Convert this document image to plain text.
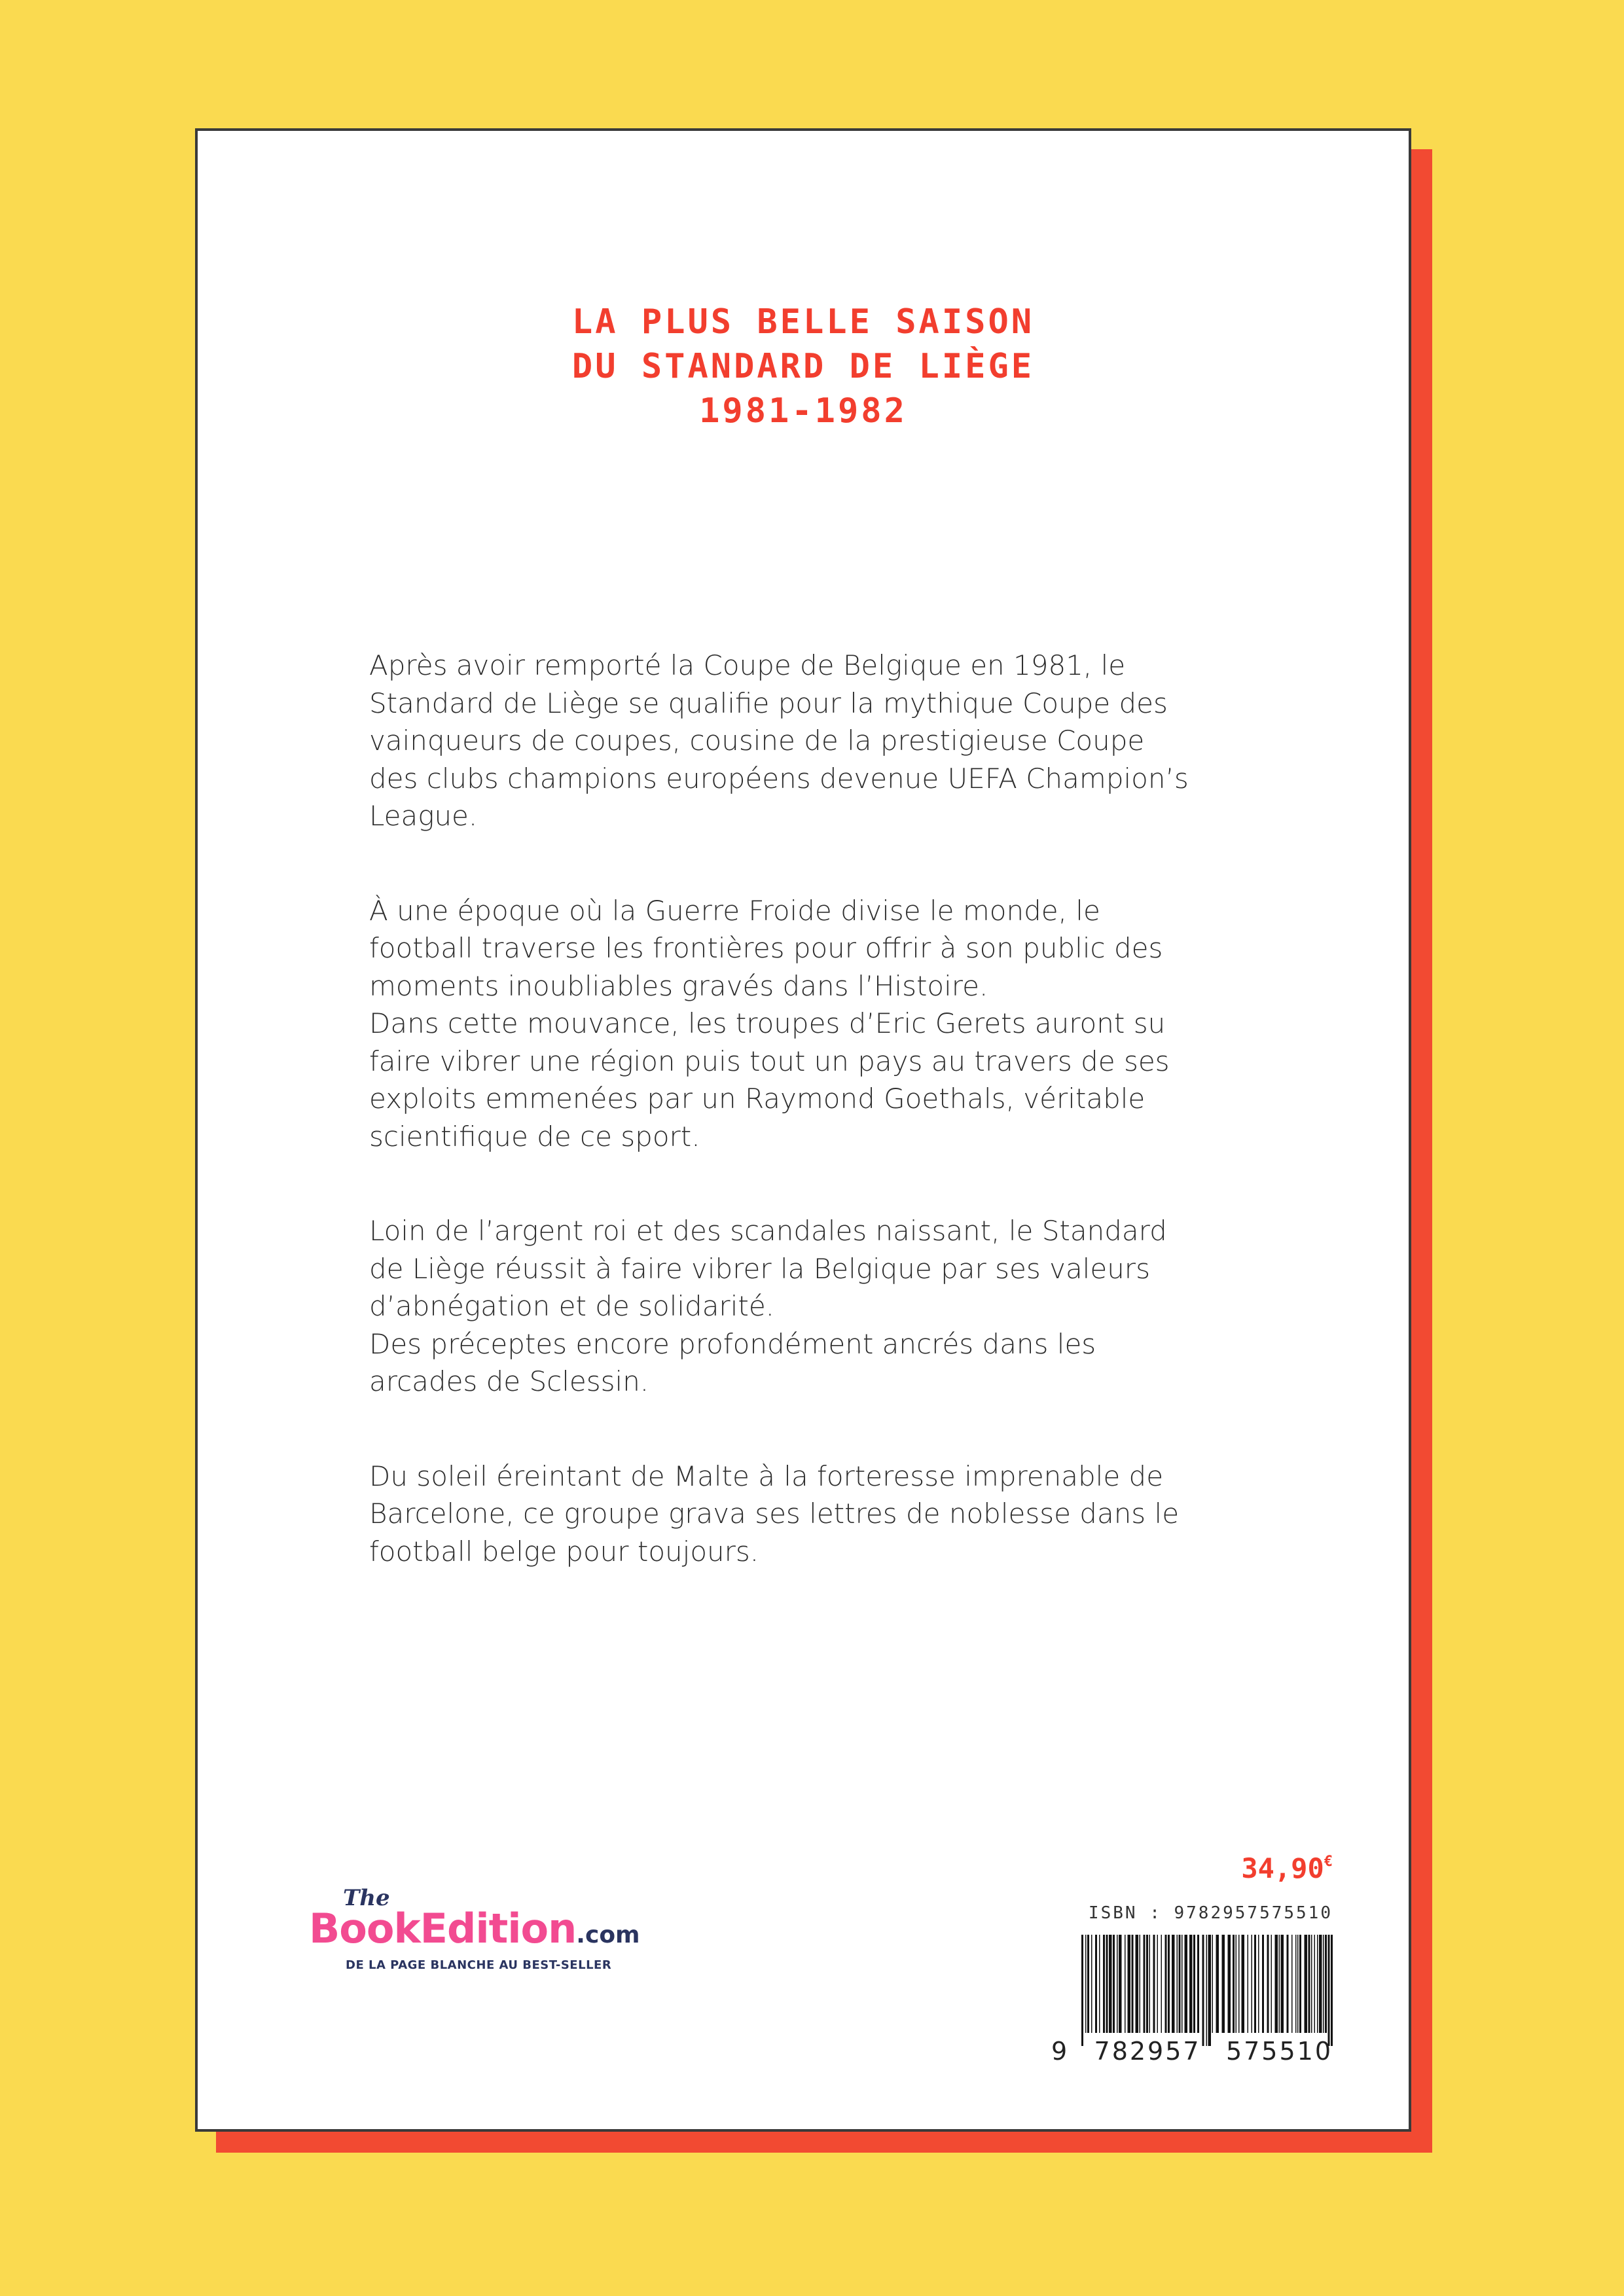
LA PLUS BELLE SAISON
DU STANDARD DE LIÈGE
1981-1982

Après avoir remporté la Coupe de Belgique en 1981, le
Standard de Liège se qualifie pour la mythique Coupe des
vainqueurs de coupes, cousine de la prestigieuse Coupe
des clubs champions européens devenue UEFA Champion’s
League.

À une époque où la Guerre Froide divise le monde, le
football traverse les frontières pour offrir à son public des
moments inoubliables gravés dans l’Histoire.
Dans cette mouvance, les troupes d’Eric Gerets auront su
faire vibrer une région puis tout un pays au travers de ses
exploits emmenées par un Raymond Goethals, véritable
scientifique de ce sport.

Loin de l’argent roi et des scandales naissant, le Standard
de Liège réussit à faire vibrer la Belgique par ses valeurs
d’abnégation et de solidarité.
Des préceptes encore profondément ancrés dans les
arcades de Sclessin.

Du soleil éreintant de Malte à la forteresse imprenable de
Barcelone, ce groupe grava ses lettres de noblesse dans le
football belge pour toujours.

34,90€
ISBN : 9782957575510
9 782957 575510
The
BookEdition.com
DE LA PAGE BLANCHE AU BEST-SELLER
